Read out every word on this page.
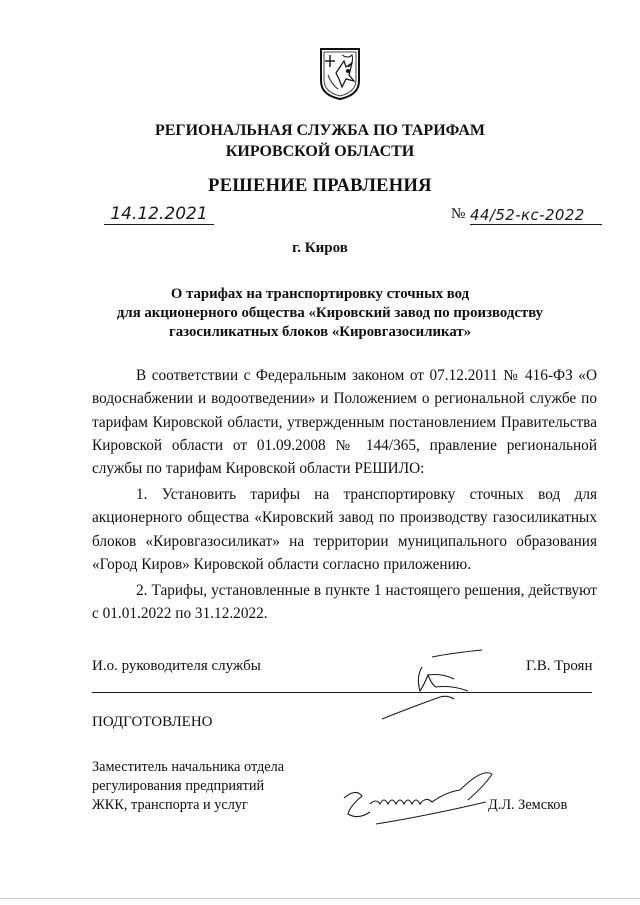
РЕГИОНАЛЬНАЯ СЛУЖБА ПО ТАРИФАМ
КИРОВСКОЙ ОБЛАСТИ
РЕШЕНИЕ ПРАВЛЕНИЯ
14.12.2021	№ 44/52-кс-2022
г. Киров
О тарифах на транспортировку сточных вод
для акционерного общества «Кировский завод по производству
газосиликатных блоков «Кировгазосиликат»
В соответствии с Федеральным законом от 07.12.2011 № 416-ФЗ «О водоснабжении и водоотведении» и Положением о региональной службе по тарифам Кировской области, утвержденным постановлением Правительства Кировской области от 01.09.2008 № 144/365, правление региональной службы по тарифам Кировской области РЕШИЛО:
1. Установить тарифы на транспортировку сточных вод для акционерного общества «Кировский завод по производству газосиликатных блоков «Кировгазосиликат» на территории муниципального образования «Город Киров» Кировской области согласно приложению.
2. Тарифы, установленные в пункте 1 настоящего решения, действуют с 01.01.2022 по 31.12.2022.
И.о. руководителя службы	Г.В. Троян
ПОДГОТОВЛЕНО
Заместитель начальника отдела
регулирования предприятий
ЖКК, транспорта и услуг	Д.Л. Земсков
